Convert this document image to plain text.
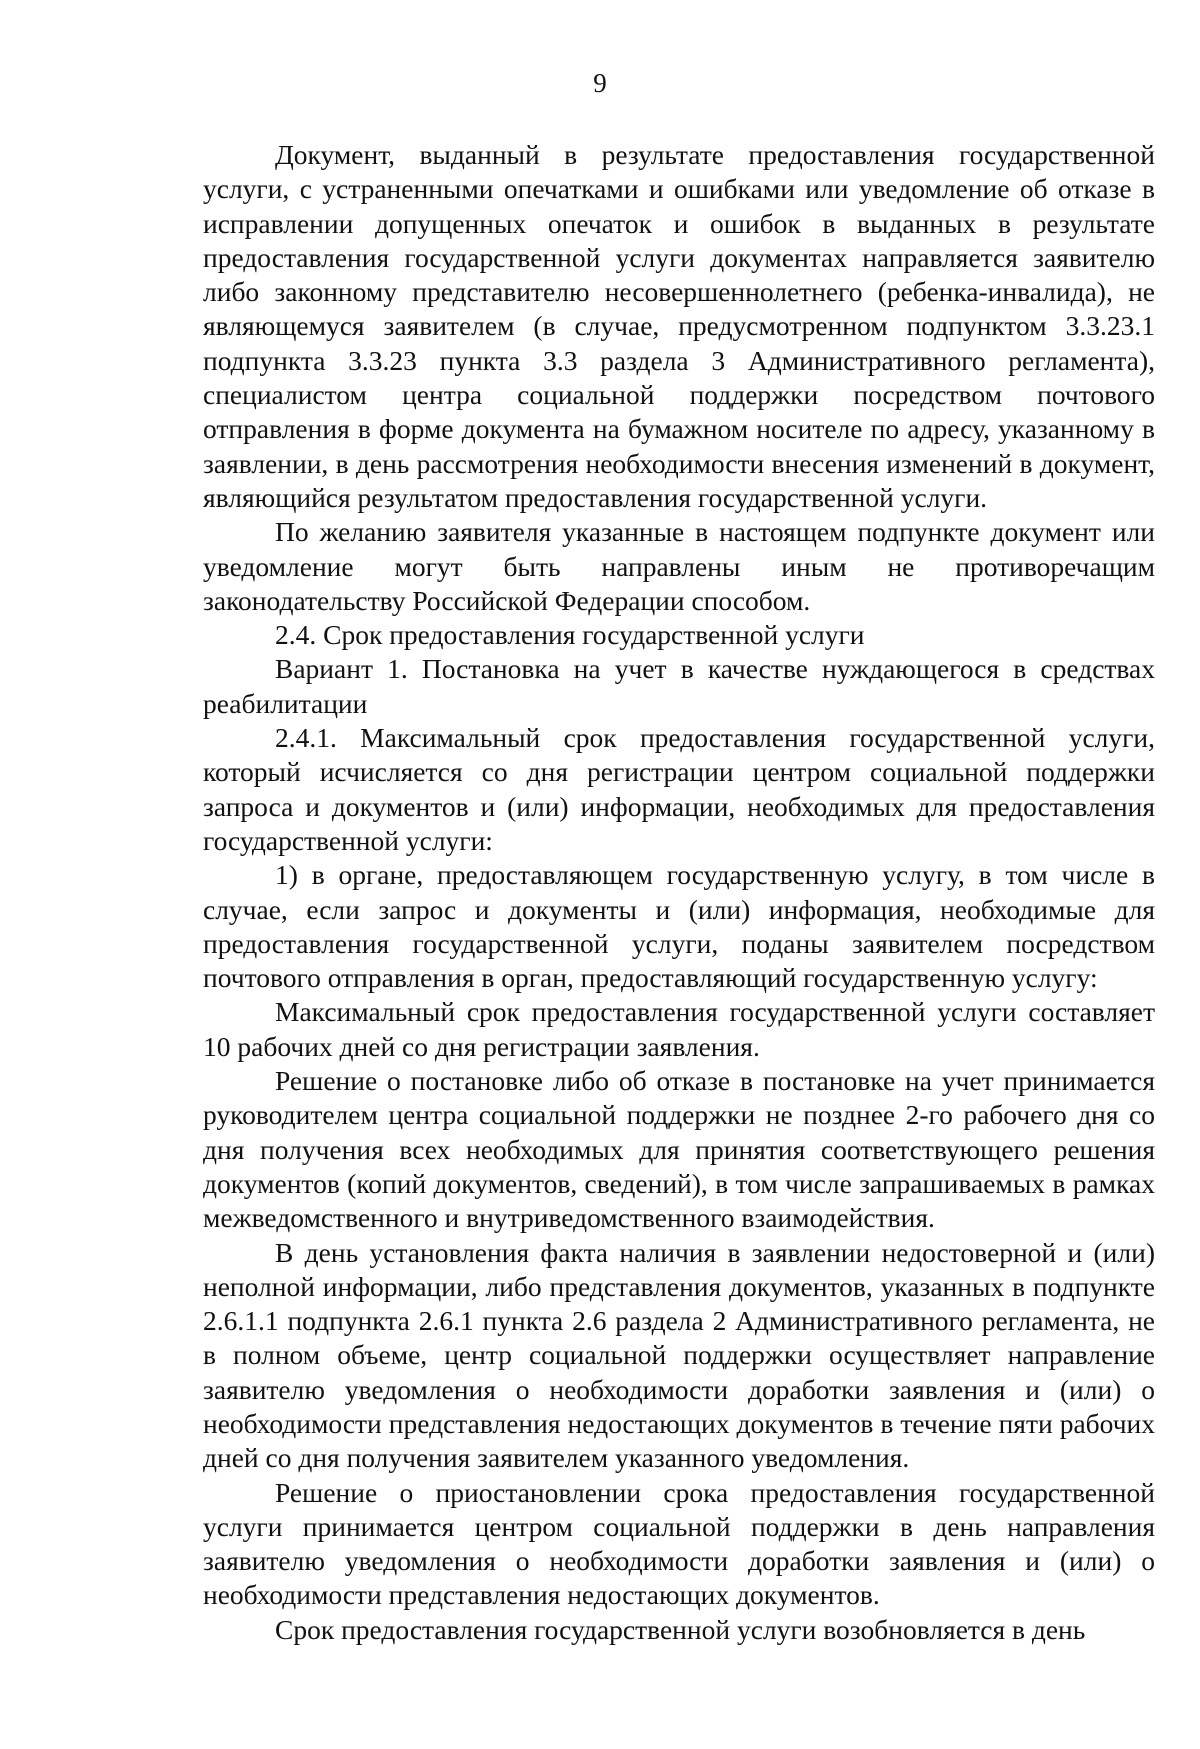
9

Документ, выданный в результате предоставления государственной услуги, с устраненными опечатками и ошибками или уведомление об отказе в исправлении допущенных опечаток и ошибок в выданных в результате предоставления государственной услуги документах направляется заявителю либо законному представителю несовершеннолетнего (ребенка-инвалида), не являющемуся заявителем (в случае, предусмотренном подпунктом 3.3.23.1 подпункта 3.3.23 пункта 3.3 раздела 3 Административного регламента), специалистом центра социальной поддержки посредством почтового отправления в форме документа на бумажном носителе по адресу, указанному в заявлении, в день рассмотрения необходимости внесения изменений в документ, являющийся результатом предоставления государственной услуги.

По желанию заявителя указанные в настоящем подпункте документ или уведомление могут быть направлены иным не противоречащим законодательству Российской Федерации способом.

2.4. Срок предоставления государственной услуги

Вариант 1. Постановка на учет в качестве нуждающегося в средствах реабилитации

2.4.1. Максимальный срок предоставления государственной услуги, который исчисляется со дня регистрации центром социальной поддержки запроса и документов и (или) информации, необходимых для предоставления государственной услуги:

1) в органе, предоставляющем государственную услугу, в том числе в случае, если запрос и документы и (или) информация, необходимые для предоставления государственной услуги, поданы заявителем посредством почтового отправления в орган, предоставляющий государственную услугу:

Максимальный срок предоставления государственной услуги составляет 10 рабочих дней со дня регистрации заявления.

Решение о постановке либо об отказе в постановке на учет принимается руководителем центра социальной поддержки не позднее 2-го рабочего дня со дня получения всех необходимых для принятия соответствующего решения документов (копий документов, сведений), в том числе запрашиваемых в рамках межведомственного и внутриведомственного взаимодействия.

В день установления факта наличия в заявлении недостоверной и (или) неполной информации, либо представления документов, указанных в подпункте 2.6.1.1 подпункта 2.6.1 пункта 2.6 раздела 2 Административного регламента, не в полном объеме, центр социальной поддержки осуществляет направление заявителю уведомления о необходимости доработки заявления и (или) о необходимости представления недостающих документов в течение пяти рабочих дней со дня получения заявителем указанного уведомления.

Решение о приостановлении срока предоставления государственной услуги принимается центром социальной поддержки в день направления заявителю уведомления о необходимости доработки заявления и (или) о необходимости представления недостающих документов.

Срок предоставления государственной услуги возобновляется в день
